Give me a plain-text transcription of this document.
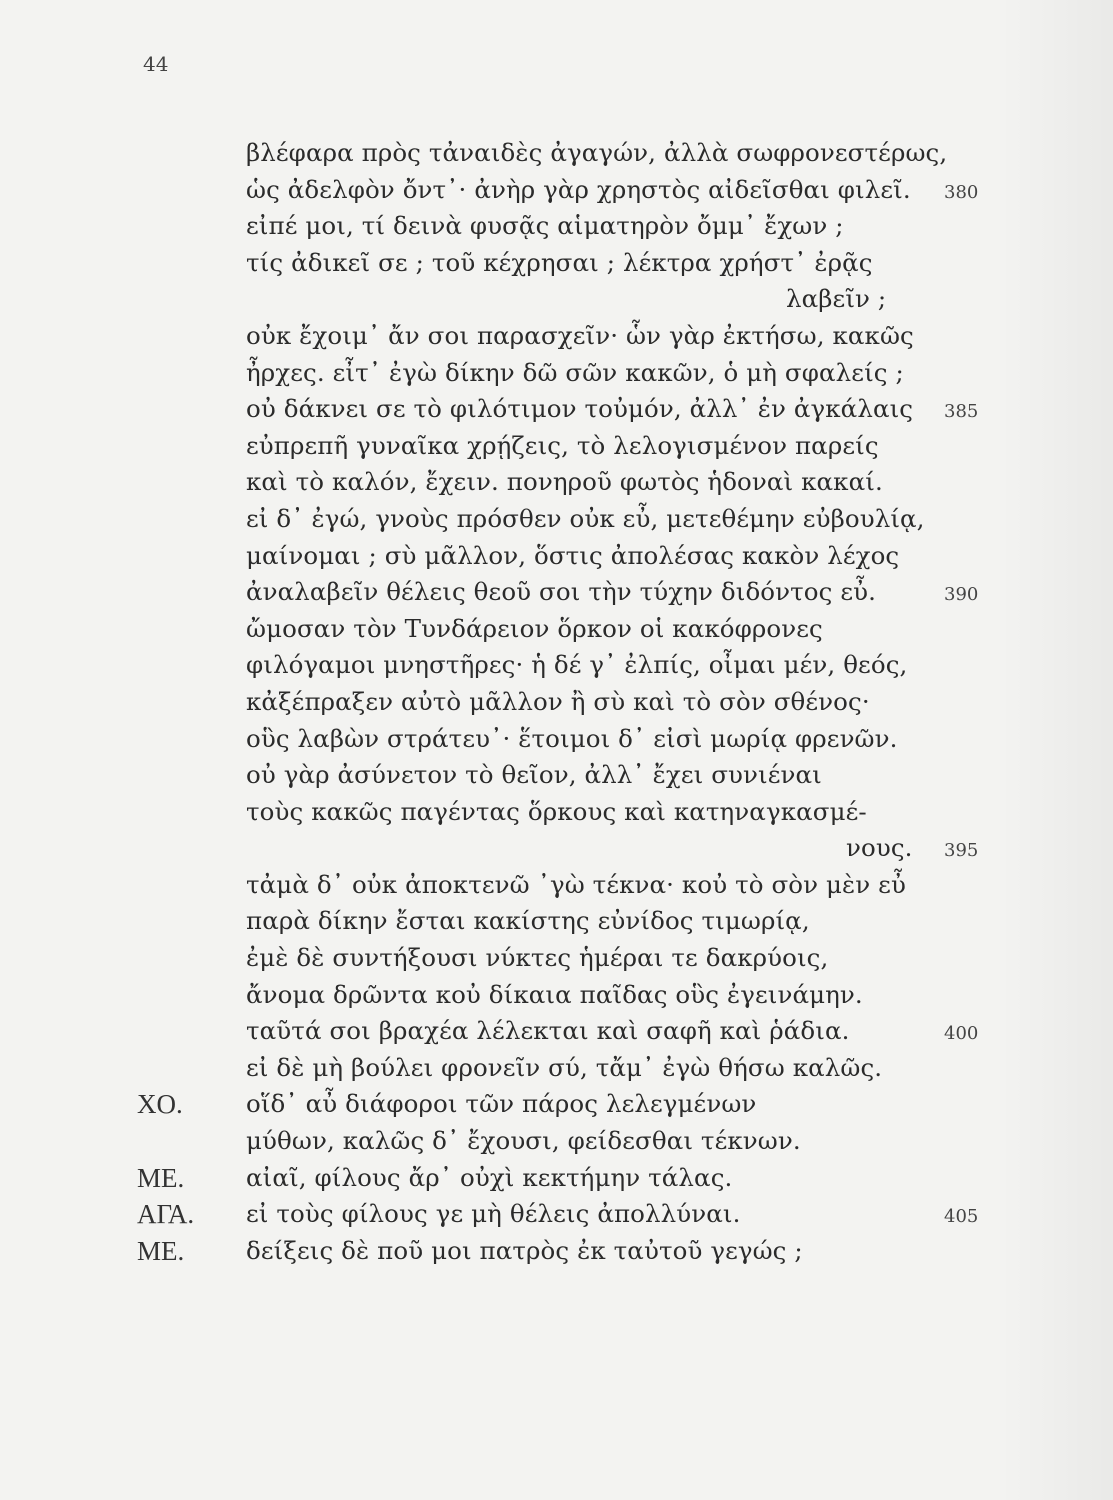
44
βλέφαρα πρὸς τἀναιδὲς ἀγαγών, ἀλλὰ σωφρονεστέρως,
ὡς ἀδελφὸν ὄντ᾽· ἀνὴρ γὰρ χρηστὸς αἰδεῖσθαι φιλεῖ. 380
εἰπέ μοι, τί δεινὰ φυσᾷς αἱματηρὸν ὄμμ᾽ ἔχων ;
τίς ἀδικεῖ σε ; τοῦ κέχρησαι ; λέκτρα χρήστ᾽ ἐρᾷς
λαβεῖν ;
οὐκ ἔχοιμ᾽ ἄν σοι παρασχεῖν· ὧν γὰρ ἐκτήσω, κακῶς
ἦρχες. εἶτ᾽ ἐγὼ δίκην δῶ σῶν κακῶν, ὁ μὴ σφαλείς ;
οὐ δάκνει σε τὸ φιλότιμον τοὐμόν, ἀλλ᾽ ἐν ἀγκάλαις 385
εὐπρεπῆ γυναῖκα χρῄζεις, τὸ λελογισμένον παρείς
καὶ τὸ καλόν, ἔχειν. πονηροῦ φωτὸς ἡδοναὶ κακαί.
εἰ δ᾽ ἐγώ, γνοὺς πρόσθεν οὐκ εὖ, μετεθέμην εὐβουλίᾳ,
μαίνομαι ; σὺ μᾶλλον, ὅστις ἀπολέσας κακὸν λέχος
ἀναλαβεῖν θέλεις θεοῦ σοι τὴν τύχην διδόντος εὖ.	390
ὤμοσαν τὸν Τυνδάρειον ὅρκον οἱ κακόφρονες
φιλόγαμοι μνηστῆρες· ἡ δέ γ᾽ ἐλπίς, οἶμαι μέν, θεός,
κἀξέπραξεν αὐτὸ μᾶλλον ἢ σὺ καὶ τὸ σὸν σθένος·
οὓς λαβὼν στράτευ᾽· ἕτοιμοι δ᾽ εἰσὶ μωρίᾳ φρενῶν.
οὐ γὰρ ἀσύνετον τὸ θεῖον, ἀλλ᾽ ἔχει συνιέναι
τοὺς κακῶς παγέντας ὅρκους καὶ κατηναγκασμέ-
νους. 395
τἀμὰ δ᾽ οὐκ ἀποκτενῶ ᾽γὼ τέκνα· κοὐ τὸ σὸν μὲν εὖ
παρὰ δίκην ἔσται κακίστης εὐνίδος τιμωρίᾳ,
ἐμὲ δὲ συντήξουσι νύκτες ἡμέραι τε δακρύοις,
ἄνομα δρῶντα κοὐ δίκαια παῖδας οὓς ἐγεινάμην.
ταῦτά σοι βραχέα λέλεκται καὶ σαφῆ καὶ ῥάδια.	400
εἰ δὲ μὴ βούλει φρονεῖν σύ, τἄμ᾽ ἐγὼ θήσω καλῶς.
ΧΟ.	οἵδ᾽ αὖ διάφοροι τῶν πάρος λελεγμένων
μύθων, καλῶς δ᾽ ἔχουσι, φείδεσθαι τέκνων.
ΜΕ.	αἰαῖ, φίλους ἄρ᾽ οὐχὶ κεκτήμην τάλας.
ΑΓΑ. εἰ τοὺς φίλους γε μὴ θέλεις ἀπολλύναι.	405
ΜΕ.	δείξεις δὲ ποῦ μοι πατρὸς ἐκ ταὐτοῦ γεγώς ;
